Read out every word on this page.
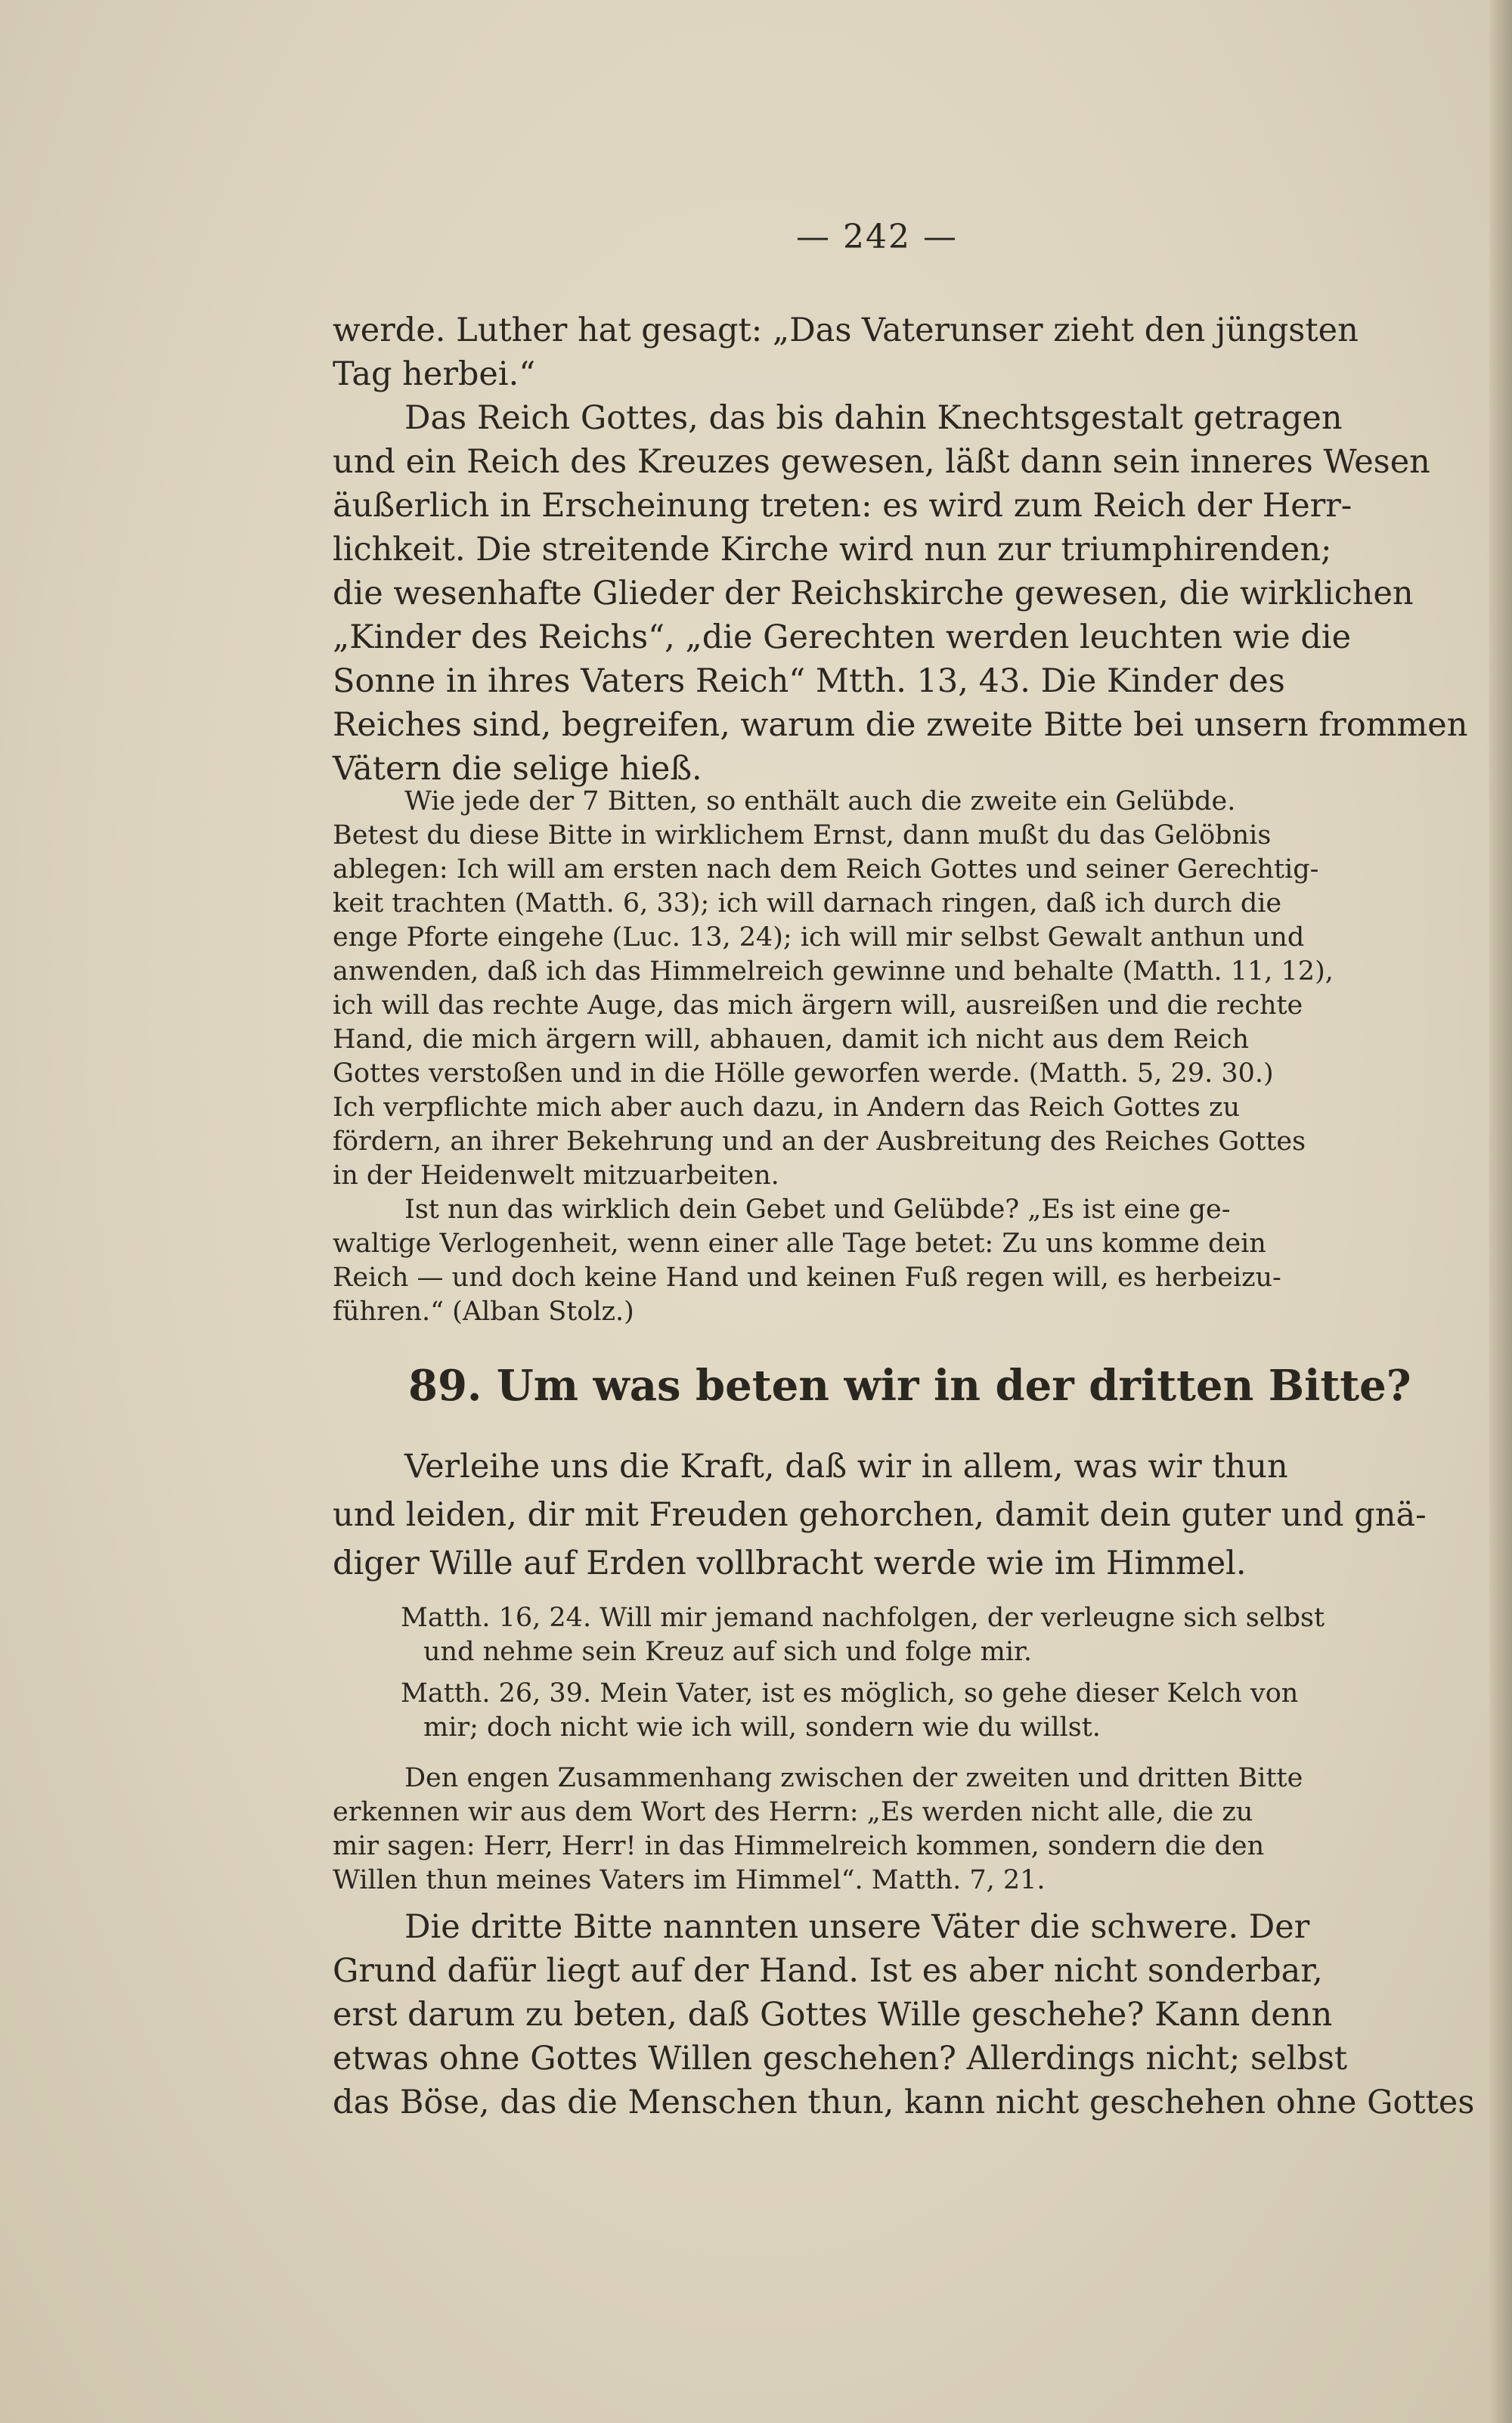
— 242 —
werde. Luther hat gesagt: „Das Vaterunser zieht den jüngsten
Tag herbei.“
Das Reich Gottes, das bis dahin Knechtsgestalt getragen
und ein Reich des Kreuzes gewesen, läßt dann sein inneres Wesen
äußerlich in Erscheinung treten: es wird zum Reich der Herr-
lichkeit. Die streitende Kirche wird nun zur triumphirenden;
die wesenhafte Glieder der Reichskirche gewesen, die wirklichen
„Kinder des Reichs“, „die Gerechten werden leuchten wie die
Sonne in ihres Vaters Reich“ Mtth. 13, 43. Die Kinder des
Reiches sind, begreifen, warum die zweite Bitte bei unsern frommen
Vätern die selige hieß.
Wie jede der 7 Bitten, so enthält auch die zweite ein Gelübde.
Betest du diese Bitte in wirklichem Ernst, dann mußt du das Gelöbnis
ablegen: Ich will am ersten nach dem Reich Gottes und seiner Gerechtig-
keit trachten (Matth. 6, 33); ich will darnach ringen, daß ich durch die
enge Pforte eingehe (Luc. 13, 24); ich will mir selbst Gewalt anthun und
anwenden, daß ich das Himmelreich gewinne und behalte (Matth. 11, 12),
ich will das rechte Auge, das mich ärgern will, ausreißen und die rechte
Hand, die mich ärgern will, abhauen, damit ich nicht aus dem Reich
Gottes verstoßen und in die Hölle geworfen werde. (Matth. 5, 29. 30.)
Ich verpflichte mich aber auch dazu, in Andern das Reich Gottes zu
fördern, an ihrer Bekehrung und an der Ausbreitung des Reiches Gottes
in der Heidenwelt mitzuarbeiten.
Ist nun das wirklich dein Gebet und Gelübde? „Es ist eine ge-
waltige Verlogenheit, wenn einer alle Tage betet: Zu uns komme dein
Reich — und doch keine Hand und keinen Fuß regen will, es herbeizu-
führen.“ (Alban Stolz.)
89. Um was beten wir in der dritten Bitte?
Verleihe uns die Kraft, daß wir in allem, was wir thun
und leiden, dir mit Freuden gehorchen, damit dein guter und gnä-
diger Wille auf Erden vollbracht werde wie im Himmel.
Matth. 16, 24. Will mir jemand nachfolgen, der verleugne sich selbst
und nehme sein Kreuz auf sich und folge mir.
Matth. 26, 39. Mein Vater, ist es möglich, so gehe dieser Kelch von
mir; doch nicht wie ich will, sondern wie du willst.
Den engen Zusammenhang zwischen der zweiten und dritten Bitte
erkennen wir aus dem Wort des Herrn: „Es werden nicht alle, die zu
mir sagen: Herr, Herr! in das Himmelreich kommen, sondern die den
Willen thun meines Vaters im Himmel“. Matth. 7, 21.
Die dritte Bitte nannten unsere Väter die schwere. Der
Grund dafür liegt auf der Hand. Ist es aber nicht sonderbar,
erst darum zu beten, daß Gottes Wille geschehe? Kann denn
etwas ohne Gottes Willen geschehen? Allerdings nicht; selbst
das Böse, das die Menschen thun, kann nicht geschehen ohne Gottes
